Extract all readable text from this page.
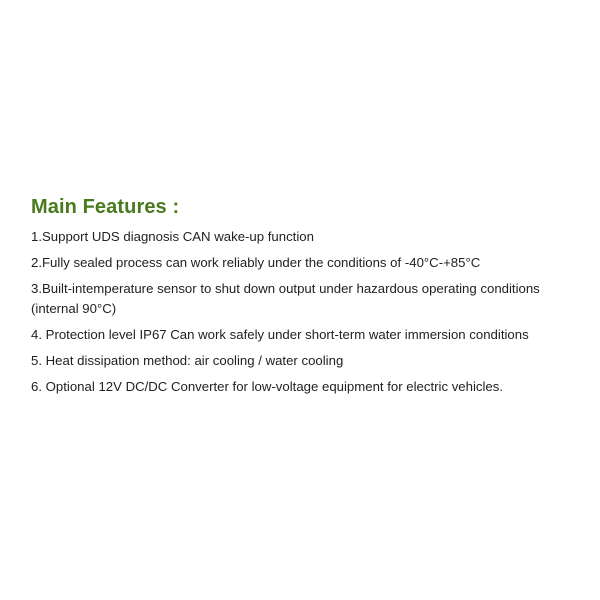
Main Features :
1.Support UDS diagnosis CAN wake-up function
2.Fully sealed process can work reliably under the conditions of -40°C-+85°C
3.Built-intemperature sensor to shut down output under hazardous operating conditions (internal 90°C)
4. Protection level IP67 Can work safely under short-term water immersion conditions
5. Heat dissipation method: air cooling / water cooling
6. Optional 12V DC/DC Converter for low-voltage equipment for electric vehicles.
